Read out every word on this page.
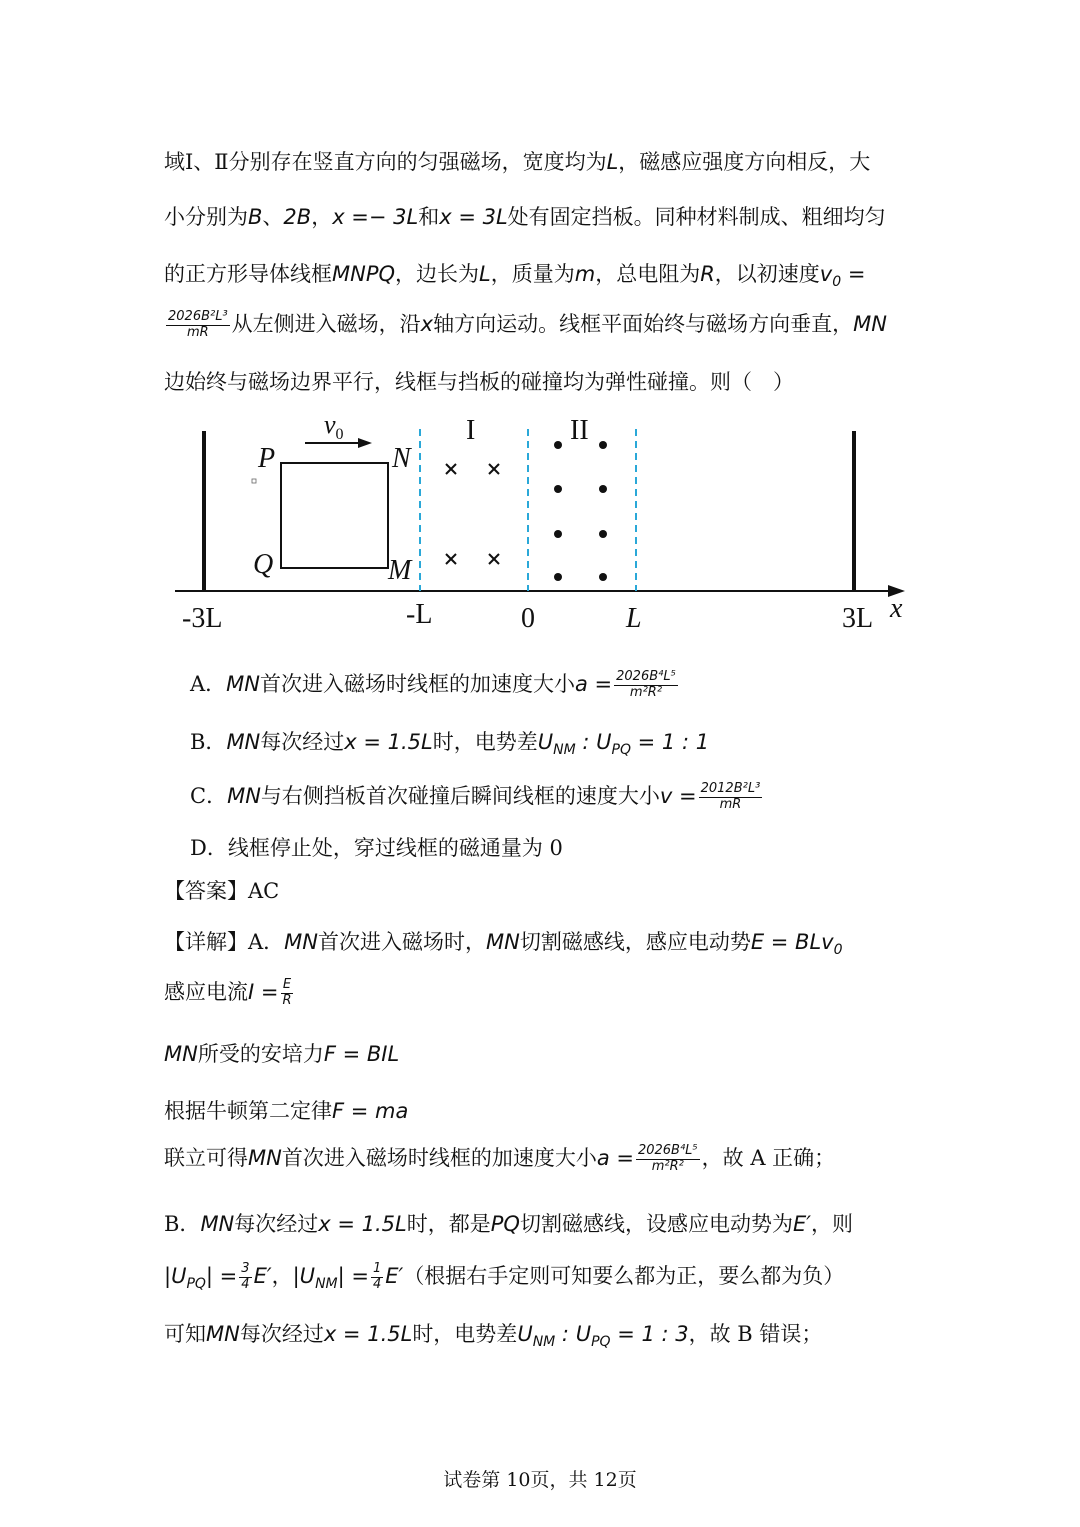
域Ⅰ、Ⅱ分别存在竖直方向的匀强磁场，宽度均为L，磁感应强度方向相反，大
小分别为B、2B，x =− 3L和x = 3L处有固定挡板。同种材料制成、粗细均匀
的正方形导体线框MNPQ，边长为L，质量为m，总电阻为R，以初速度$v_0$ =
$\frac{\text{2026B²L³}}{mR}$ 从左侧进入磁场，沿x轴方向运动。线框平面始终与磁场方向垂直，MN
边始终与磁场边界平行，线框与挡板的碰撞均为弹性碰撞。则（　）
$v_0$
P	N
Q	M
I	II
-3L	-L	0	L	3L x
A．MN首次进入磁场时线框的加速度大小$a = \frac{\text{2026B⁴L⁵}}{\text{m²R²}}$
B．MN每次经过x = 1.5L时，电势差$U_{NM}$ : $U_{PQ} = 1$ : 1
C．MN与右侧挡板首次碰撞后瞬间线框的速度大小$v = \frac{\text{2012B²L³}}{mR}$
D．线框停止处，穿过线框的磁通量为 0
【答案】AC
【详解】A．MN首次进入磁场时，MN切割磁感线，感应电动势E = BLv$_0$
感应电流$I = \frac{E}{R}$
MN所受的安培力F = BIL
根据牛顿第二定律F = ma
联立可得MN首次进入磁场时线框的加速度大小$a = \frac{\text{2026B⁴L⁵}}{\text{m²R²}}$ ，故 A 正确；
B．MN每次经过x = 1.5L时，都是PQ切割磁感线，设感应电动势为E′，则
$|U_{PQ}| = \frac{3}{4} E'$，$|U_{NM}| = \frac{1}{4} E'$（根据右手定则可知要么都为正，要么都为负）
可知MN每次经过x = 1.5L时，电势差$U_{NM}$ : $U_{PQ} = 1$ : 3，故 B 错误；
试卷第 10页，共 12页
